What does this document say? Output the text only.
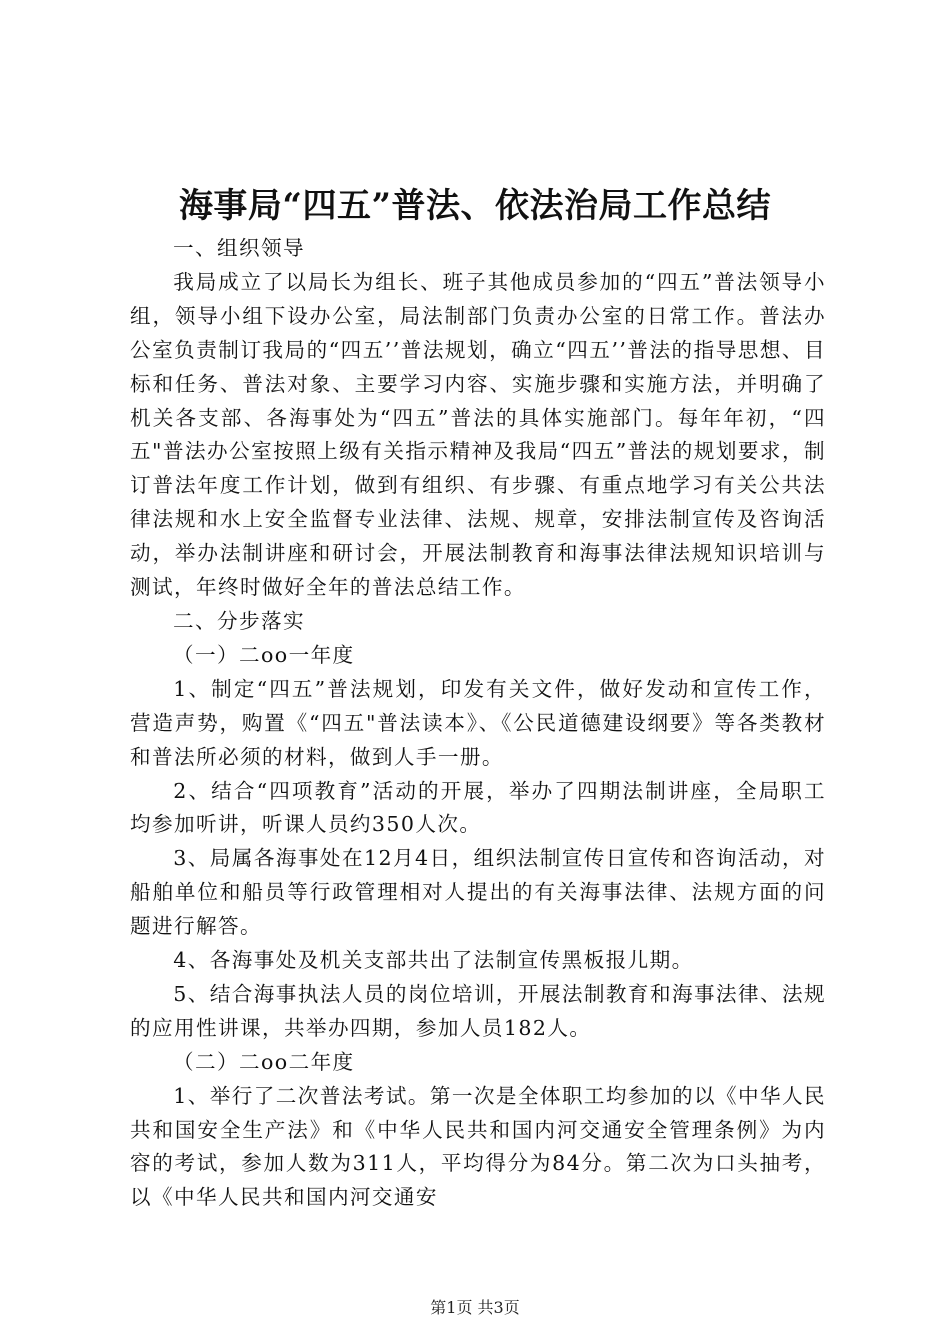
海事局“四五”普法、依法治局工作总结

一、组织领导

我局成立了以局长为组长、班子其他成员参加的“四五”普法领导小组，领导小组下设办公室，局法制部门负责办公室的日常工作。普法办公室负责制订我局的“四五’’普法规划，确立“四五’’普法的指导思想、目标和任务、普法对象、主要学习内容、实施步骤和实施方法，并明确了机关各支部、各海事处为“四五”普法的具体实施部门。每年年初，“四五"普法办公室按照上级有关指示精神及我局“四五”普法的规划要求，制订普法年度工作计划，做到有组织、有步骤、有重点地学习有关公共法律法规和水上安全监督专业法律、法规、规章，安排法制宣传及咨询活动，举办法制讲座和研讨会，开展法制教育和海事法律法规知识培训与测试，年终时做好全年的普法总结工作。

二、分步落实

（一）二oo一年度

1、制定“四五”普法规划，印发有关文件，做好发动和宣传工作，营造声势，购置《“四五"普法读本》、《公民道德建设纲要》等各类教材和普法所必须的材料，做到人手一册。

2、结合“四项教育”活动的开展，举办了四期法制讲座，全局职工均参加听讲，听课人员约350人次。

3、局属各海事处在12月4日，组织法制宣传日宣传和咨询活动，对船舶单位和船员等行政管理相对人提出的有关海事法律、法规方面的问题进行解答。

4、各海事处及机关支部共出了法制宣传黑板报儿期。

5、结合海事执法人员的岗位培训，开展法制教育和海事法律、法规的应用性讲课，共举办四期，参加人员182人。

（二）二oo二年度

1、举行了二次普法考试。第一次是全体职工均参加的以《中华人民共和国安全生产法》和《中华人民共和国内河交通安全管理条例》为内容的考试，参加人数为311人，平均得分为84分。第二次为口头抽考，以《中华人民共和国内河交通安

第1页 共3页
